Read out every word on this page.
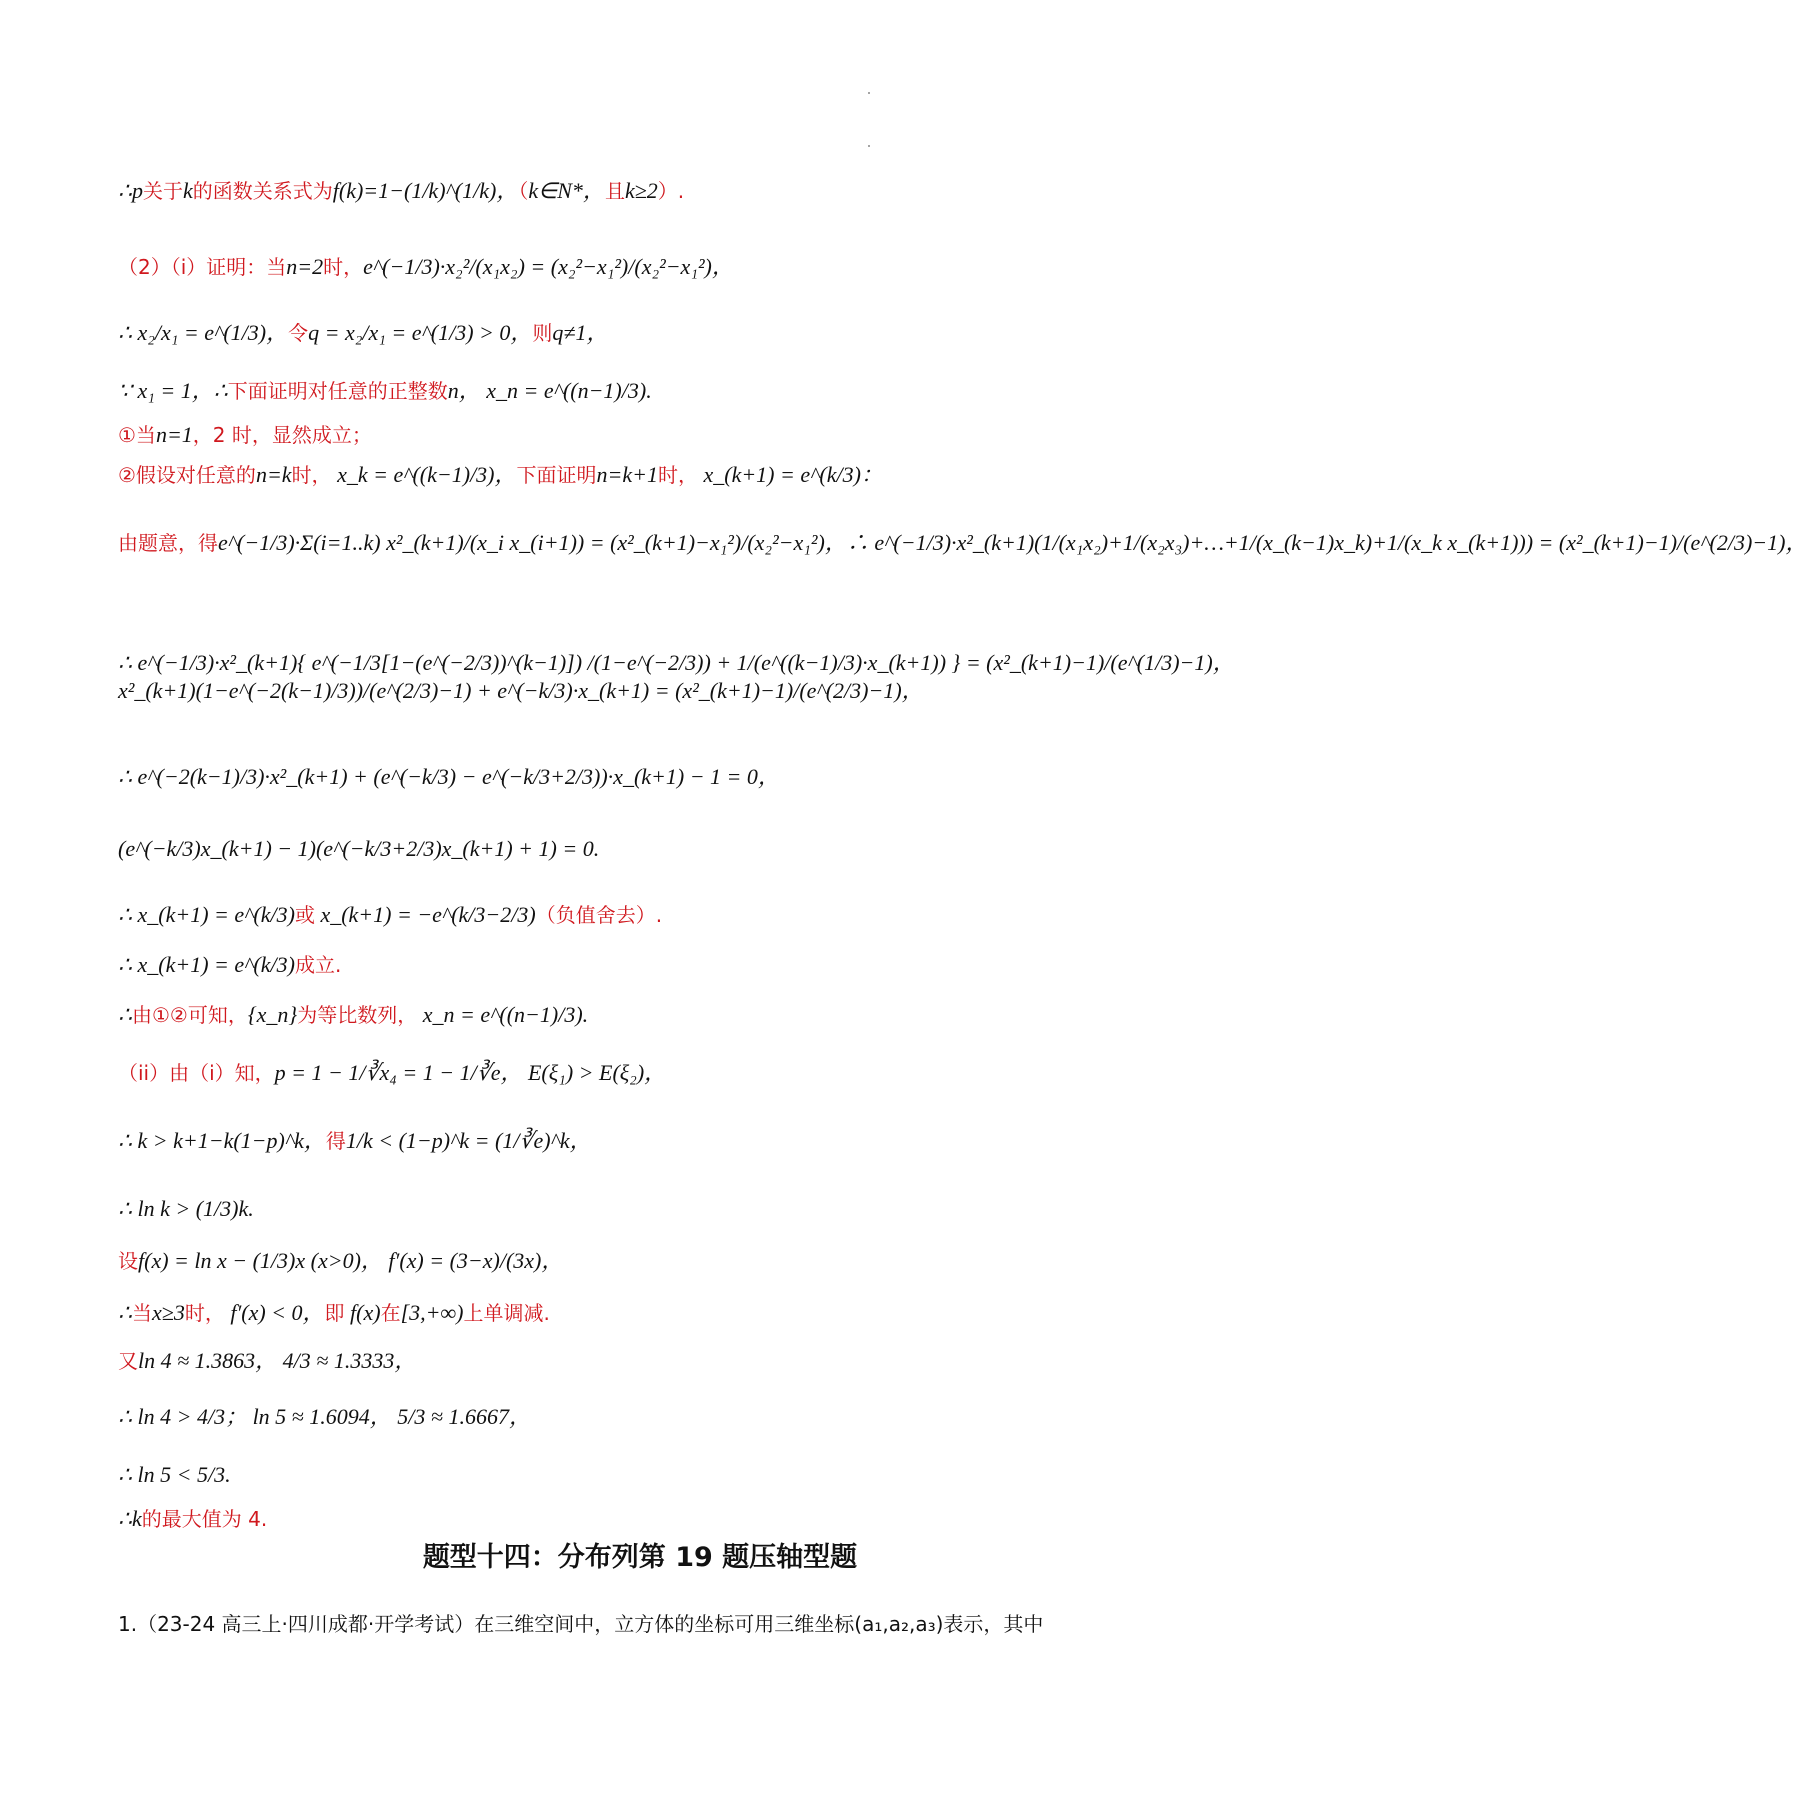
∴p关于k的函数关系式为f(k)=1−(1/k)^(1/k)，（k∈N*，且k≥2）.
（2）（i）证明：当n=2时，e^(−1/3)·x₂²/(x₁x₂) = (x₂²−x₁²)/(x₂²−x₁²)，
∴ x₂/x₁ = e^(1/3)，令q = x₂/x₁ = e^(1/3) > 0，则q≠1，
∵ x₁ = 1，∴下面证明对任意的正整数n， x_n = e^((n−1)/3).
①当n=1，2 时，显然成立；
②假设对任意的n=k时， x_k = e^((k−1)/3)，下面证明n=k+1时， x_(k+1) = e^(k/3)：
由题意，得e^(−1/3)·Σ(i=1..k) x²_(k+1)/(x_i x_(i+1)) = (x²_(k+1)−x₁²)/(x₂²−x₁²)，∴ e^(−1/3)·x²_(k+1)(1/(x₁x₂)+1/(x₂x₃)+…+1/(x_(k−1)x_k)+1/(x_k x_(k+1))) = (x²_(k+1)−1)/(e^(2/3)−1)，
∴ e^(−1/3)·x²_(k+1){ e^(−1/3[1−(e^(−2/3))^(k−1)]) /(1−e^(−2/3)) + 1/(e^((k−1)/3)·x_(k+1)) } = (x²_(k+1)−1)/(e^(1/3)−1)，
x²_(k+1)(1−e^(−2(k−1)/3))/(e^(2/3)−1) + e^(−k/3)·x_(k+1) = (x²_(k+1)−1)/(e^(2/3)−1)，
∴ e^(−2(k−1)/3)·x²_(k+1) + (e^(−k/3) − e^(−k/3+2/3))·x_(k+1) − 1 = 0，
(e^(−k/3)x_(k+1) − 1)(e^(−k/3+2/3)x_(k+1) + 1) = 0.
∴ x_(k+1) = e^(k/3)或 x_(k+1) = −e^(k/3−2/3)（负值舍去）.
∴ x_(k+1) = e^(k/3)成立.
∴由①②可知，{x_n}为等比数列， x_n = e^((n−1)/3).
（ii）由（i）知，p = 1 − 1/∛x₄ = 1 − 1/∛e， E(ξ₁) > E(ξ₂)，
∴ k > k+1−k(1−p)^k，得1/k < (1−p)^k = (1/∛e)^k，
∴ ln k > (1/3)k.
设f(x) = ln x − (1/3)x (x>0)， f′(x) = (3−x)/(3x)，
∴当x≥3时， f′(x) < 0，即 f(x)在[3,+∞)上单调减.
又ln 4 ≈ 1.3863， 4/3 ≈ 1.3333，
∴ ln 4 > 4/3； ln 5 ≈ 1.6094， 5/3 ≈ 1.6667，
∴ ln 5 < 5/3.
∴k的最大值为 4.
题型十四：分布列第 19 题压轴型题
1.（23-24 高三上·四川成都·开学考试）在三维空间中，立方体的坐标可用三维坐标(a₁,a₂,a₃)表示，其中
